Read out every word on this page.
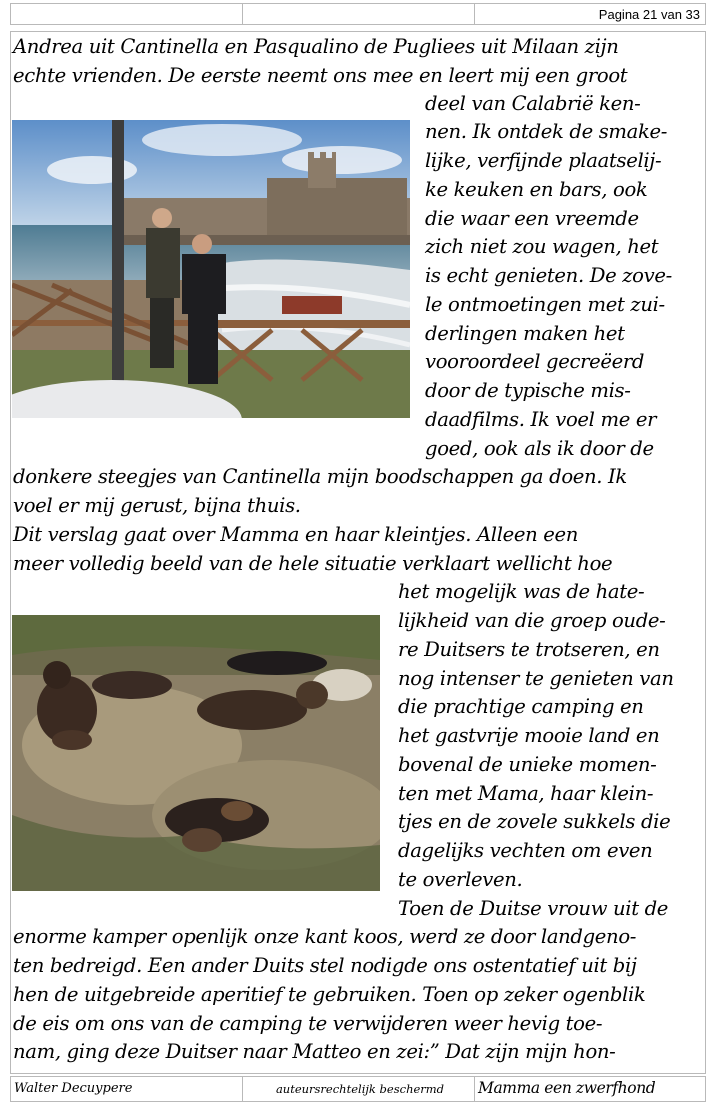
Pagina 21 van 33
Andrea uit Cantinella en Pasqualino de Pugliees uit Milaan zijn
echte vrienden. De eerste neemt ons mee en leert mij een groot
deel van Calabrië ken-
nen. Ik ontdek de smake-
lijke, verfijnde plaatselij-
ke keuken en bars, ook
die waar een vreemde
zich niet zou wagen, het
is echt genieten. De zove-
le ontmoetingen met zui-
derlingen maken het
vooroordeel gecreëerd
door de typische mis-
daadfilms. Ik voel me er
goed, ook als ik door de
donkere steegjes van Cantinella mijn boodschappen ga doen. Ik
voel er mij gerust, bijna thuis.
Dit verslag gaat over Mamma en haar kleintjes. Alleen een
meer volledig beeld van de hele situatie verklaart wellicht hoe
het mogelijk was de hate-
lijkheid van die groep oude-
re Duitsers te trotseren, en
nog intenser te genieten van
die prachtige camping en
het gastvrije mooie land en
bovenal de unieke momen-
ten met Mama, haar klein-
tjes en de zovele sukkels die
dagelijks vechten om even
te overleven.
Toen de Duitse vrouw uit de
enorme kamper openlijk onze kant koos, werd ze door landgeno-
ten bedreigd. Een ander Duits stel nodigde ons ostentatief uit bij
hen de uitgebreide aperitief te gebruiken. Toen op zeker ogenblik
de eis om ons van de camping te verwijderen weer hevig toe-
nam, ging deze Duitser naar Matteo en zei:” Dat zijn mijn hon-
Walter Decuypere	auteursrechtelijk beschermd	Mamma een zwerfhond
